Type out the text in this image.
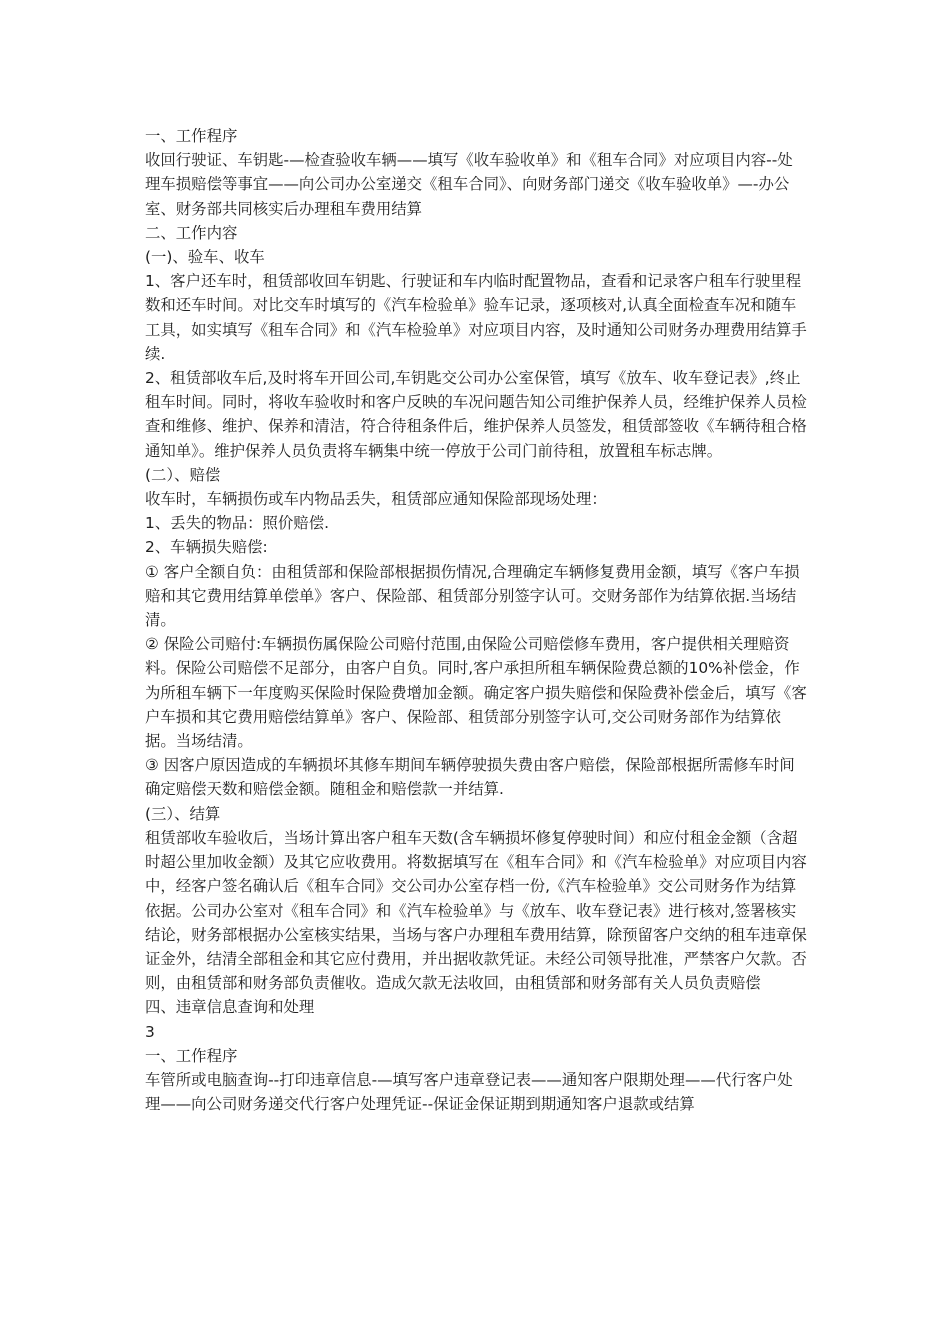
一、工作程序

收回行驶证、车钥匙-—检查验收车辆——填写《收车验收单》和《租车合同》对应项目内容--处理车损赔偿等事宜——向公司办公室递交《租车合同》、向财务部门递交《收车验收单》—-办公室、财务部共同核实后办理租车费用结算

二、工作内容

(一)、验车、收车

1、客户还车时，租赁部收回车钥匙、行驶证和车内临时配置物品，查看和记录客户租车行驶里程数和还车时间。对比交车时填写的《汽车检验单》验车记录，逐项核对,认真全面检查车况和随车工具，如实填写《租车合同》和《汽车检验单》对应项目内容，及时通知公司财务办理费用结算手续.

2、租赁部收车后,及时将车开回公司,车钥匙交公司办公室保管，填写《放车、收车登记表》,终止租车时间。同时，将收车验收时和客户反映的车况问题告知公司维护保养人员，经维护保养人员检查和维修、维护、保养和清洁，符合待租条件后，维护保养人员签发，租赁部签收《车辆待租合格通知单》。维护保养人员负责将车辆集中统一停放于公司门前待租，放置租车标志牌。

(二）、赔偿

收车时，车辆损伤或车内物品丢失，租赁部应通知保险部现场处理：

1、丢失的物品：照价赔偿.

2、车辆损失赔偿:

① 客户全额自负：由租赁部和保险部根据损伤情况,合理确定车辆修复费用金额，填写《客户车损赔和其它费用结算单偿单》客户、保险部、租赁部分别签字认可。交财务部作为结算依据.当场结清。

② 保险公司赔付:车辆损伤属保险公司赔付范围,由保险公司赔偿修车费用，客户提供相关理赔资料。保险公司赔偿不足部分，由客户自负。同时,客户承担所租车辆保险费总额的10%补偿金，作为所租车辆下一年度购买保险时保险费增加金额。确定客户损失赔偿和保险费补偿金后，填写《客户车损和其它费用赔偿结算单》客户、保险部、租赁部分别签字认可,交公司财务部作为结算依据。当场结清。

③ 因客户原因造成的车辆损坏其修车期间车辆停驶损失费由客户赔偿，保险部根据所需修车时间确定赔偿天数和赔偿金额。随租金和赔偿款一并结算.

(三）、结算

租赁部收车验收后，当场计算出客户租车天数(含车辆损坏修复停驶时间）和应付租金金额（含超时超公里加收金额）及其它应收费用。将数据填写在《租车合同》和《汽车检验单》对应项目内容中，经客户签名确认后《租车合同》交公司办公室存档一份,《汽车检验单》交公司财务作为结算依据。公司办公室对《租车合同》和《汽车检验单》与《放车、收车登记表》进行核对,签署核实结论，财务部根据办公室核实结果，当场与客户办理租车费用结算，除预留客户交纳的租车违章保证金外，结清全部租金和其它应付费用，并出据收款凭证。未经公司领导批准，严禁客户欠款。否则，由租赁部和财务部负责催收。造成欠款无法收回，由租赁部和财务部有关人员负责赔偿

四、违章信息查询和处理

3

一、工作程序

车管所或电脑查询--打印违章信息-—填写客户违章登记表——通知客户限期处理——代行客户处理——向公司财务递交代行客户处理凭证--保证金保证期到期通知客户退款或结算
